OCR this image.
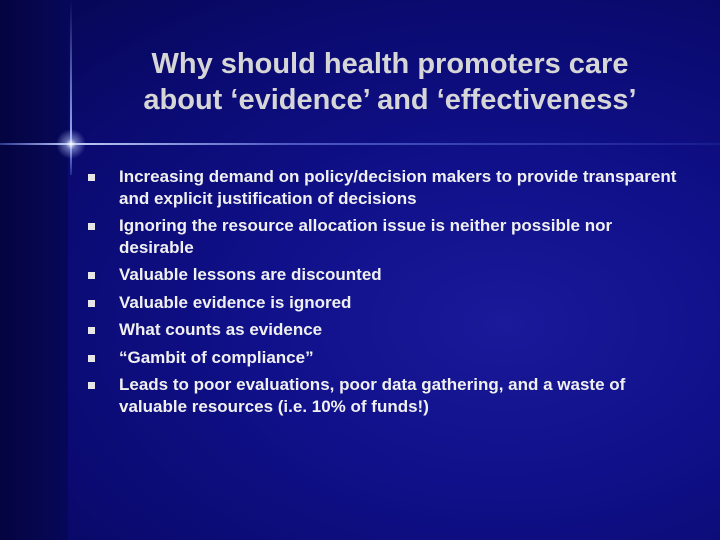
Why should health promoters care
about ‘evidence’ and ‘effectiveness’
Increasing demand on policy/decision makers to provide transparent and explicit justification of decisions
Ignoring the resource allocation issue is neither possible nor desirable
Valuable lessons are discounted
Valuable evidence is ignored
What counts as evidence
“Gambit of compliance”
Leads to poor evaluations, poor data gathering, and a waste of valuable resources (i.e. 10% of funds!)
